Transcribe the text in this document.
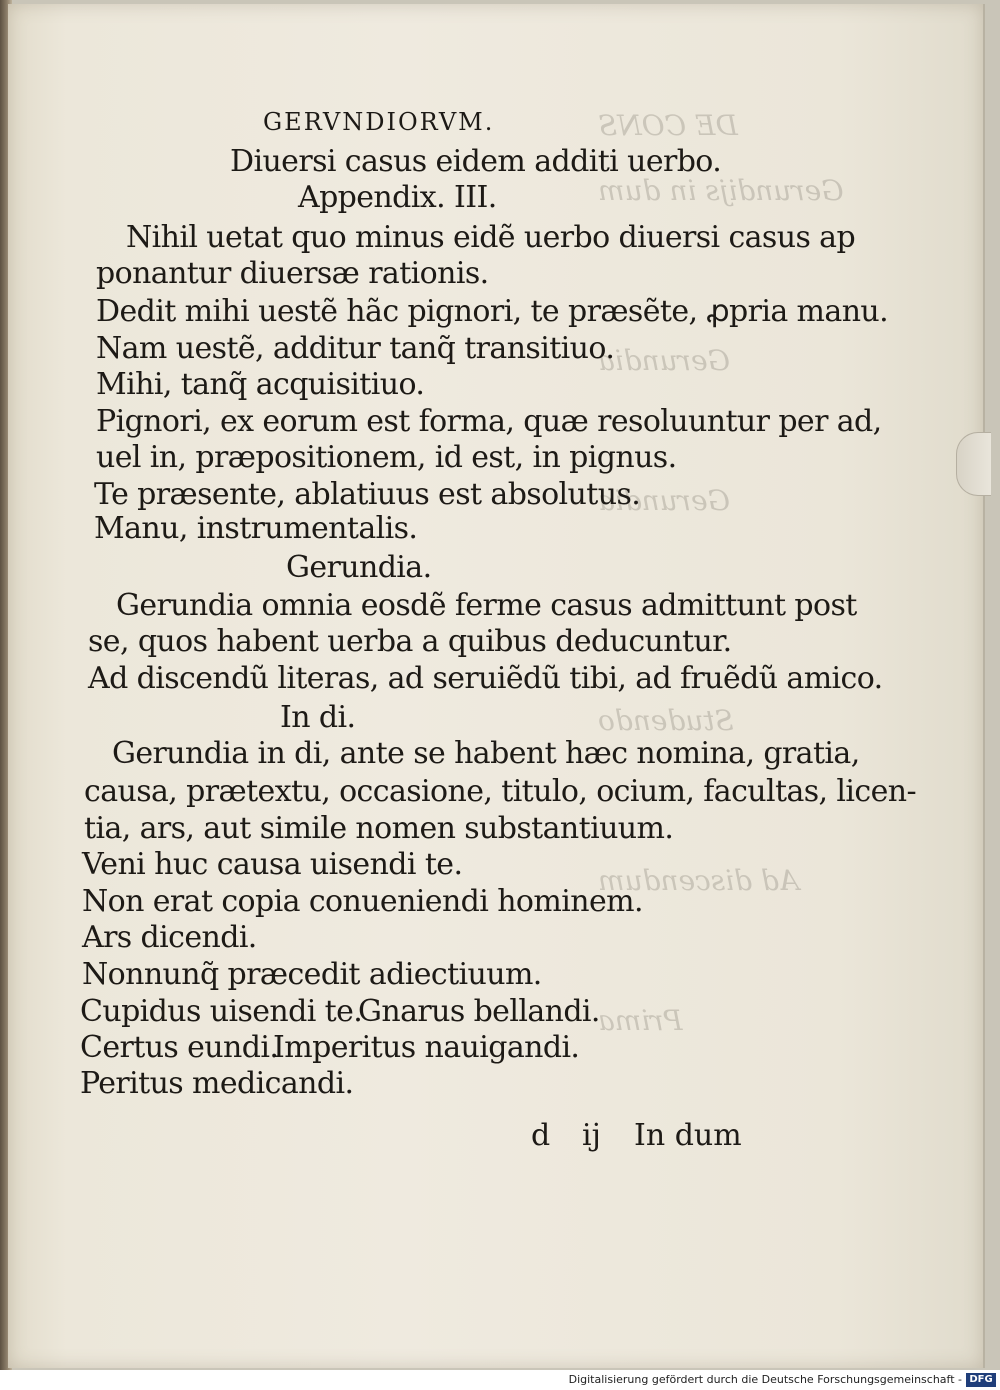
DE CONS
Gerundijs in dum
Gerundia
Gerundia
Studendo
Ad discendum
Prima
GERVNDIORVM.
Diuersi casus eidem additi uerbo.
Appendix. III.
Nihil uetat quo minus eidẽ uerbo diuersi casus ap
ponantur diuersæ rationis.
Dedit mihi uestẽ hãc pignori, te præsẽte, ꝓpria manu.
Nam uestẽ, additur tanq̃ transitiuo.
Mihi, tanq̃ acquisitiuo.
Pignori, ex eorum est forma, quæ resoluuntur per ad,
uel in, præpositionem, id est, in pignus.
Te præsente, ablatiuus est absolutus.
Manu, instrumentalis.
Gerundia.
Gerundia omnia eosdẽ ferme casus admittunt post
se, quos habent uerba a quibus deducuntur.
Ad discendũ literas, ad seruiẽdũ tibi, ad fruẽdũ amico.
In di.
Gerundia in di, ante se habent hæc nomina, gratia,
causa, prætextu, occasione, titulo, ocium, facultas, licen-
tia, ars, aut simile nomen substantiuum.
Veni huc causa uisendi te.
Non erat copia conueniendi hominem.
Ars dicendi.
Nonnunq̃ præcedit adiectiuum.
Cupidus uisendi te.
Gnarus bellandi.
Certus eundi.
Imperitus nauigandi.
Peritus medicandi.
d ij In dum
Digitalisierung gefördert durch die Deutsche Forschungsgemeinschaft - DFG
